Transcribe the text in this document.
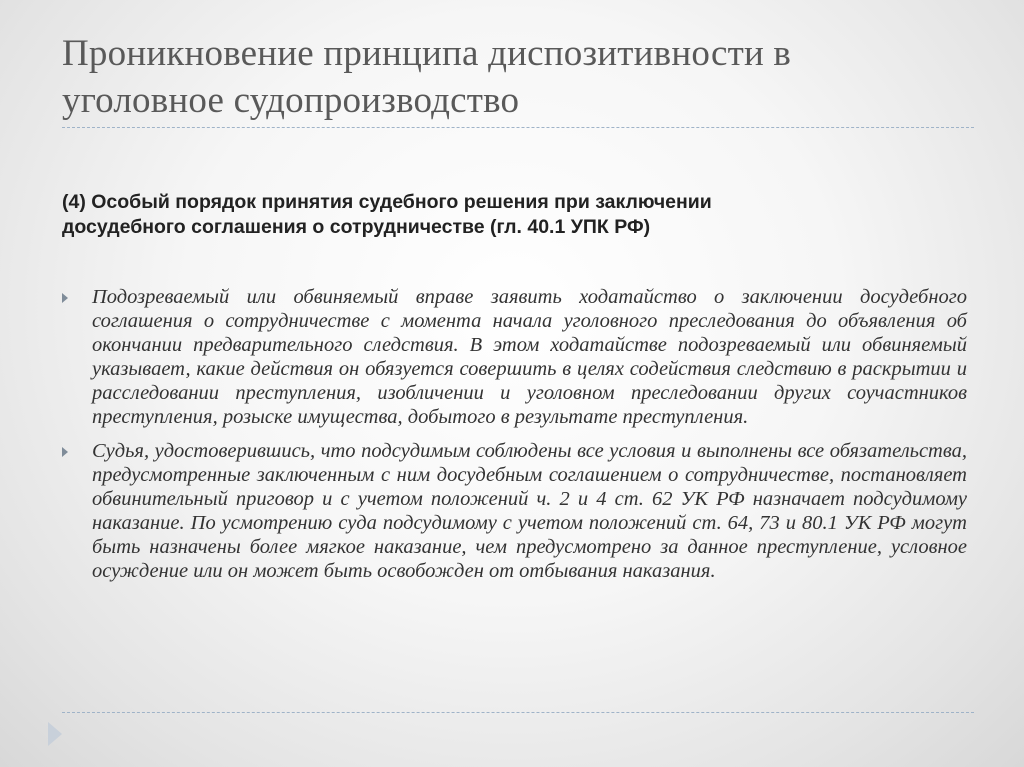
Проникновение принципа диспозитивности в
уголовное судопроизводство
(4) Особый порядок принятия судебного решения при заключении
досудебного соглашения о сотрудничестве (гл. 40.1 УПК РФ)
Подозреваемый или обвиняемый вправе заявить ходатайство о заключении досудебного соглашения о сотрудничестве с момента начала уголовного преследования до объявления об окончании предварительного следствия. В этом ходатайстве подозреваемый или обвиняемый указывает, какие действия он обязуется совершить в целях содействия следствию в раскрытии и расследовании преступления, изобличении и уголовном преследовании других соучастников преступления, розыске имущества, добытого в результате преступления.
Судья, удостоверившись, что подсудимым соблюдены все условия и выполнены все обязательства, предусмотренные заключенным с ним досудебным соглашением о сотрудничестве, постановляет обвинительный приговор и с учетом положений ч. 2 и 4 ст. 62 УК РФ назначает подсудимому наказание. По усмотрению суда подсудимому с учетом положений ст. 64, 73 и 80.1 УК РФ могут быть назначены более мягкое наказание, чем предусмотрено за данное преступление, условное осуждение или он может быть освобожден от отбывания наказания.
